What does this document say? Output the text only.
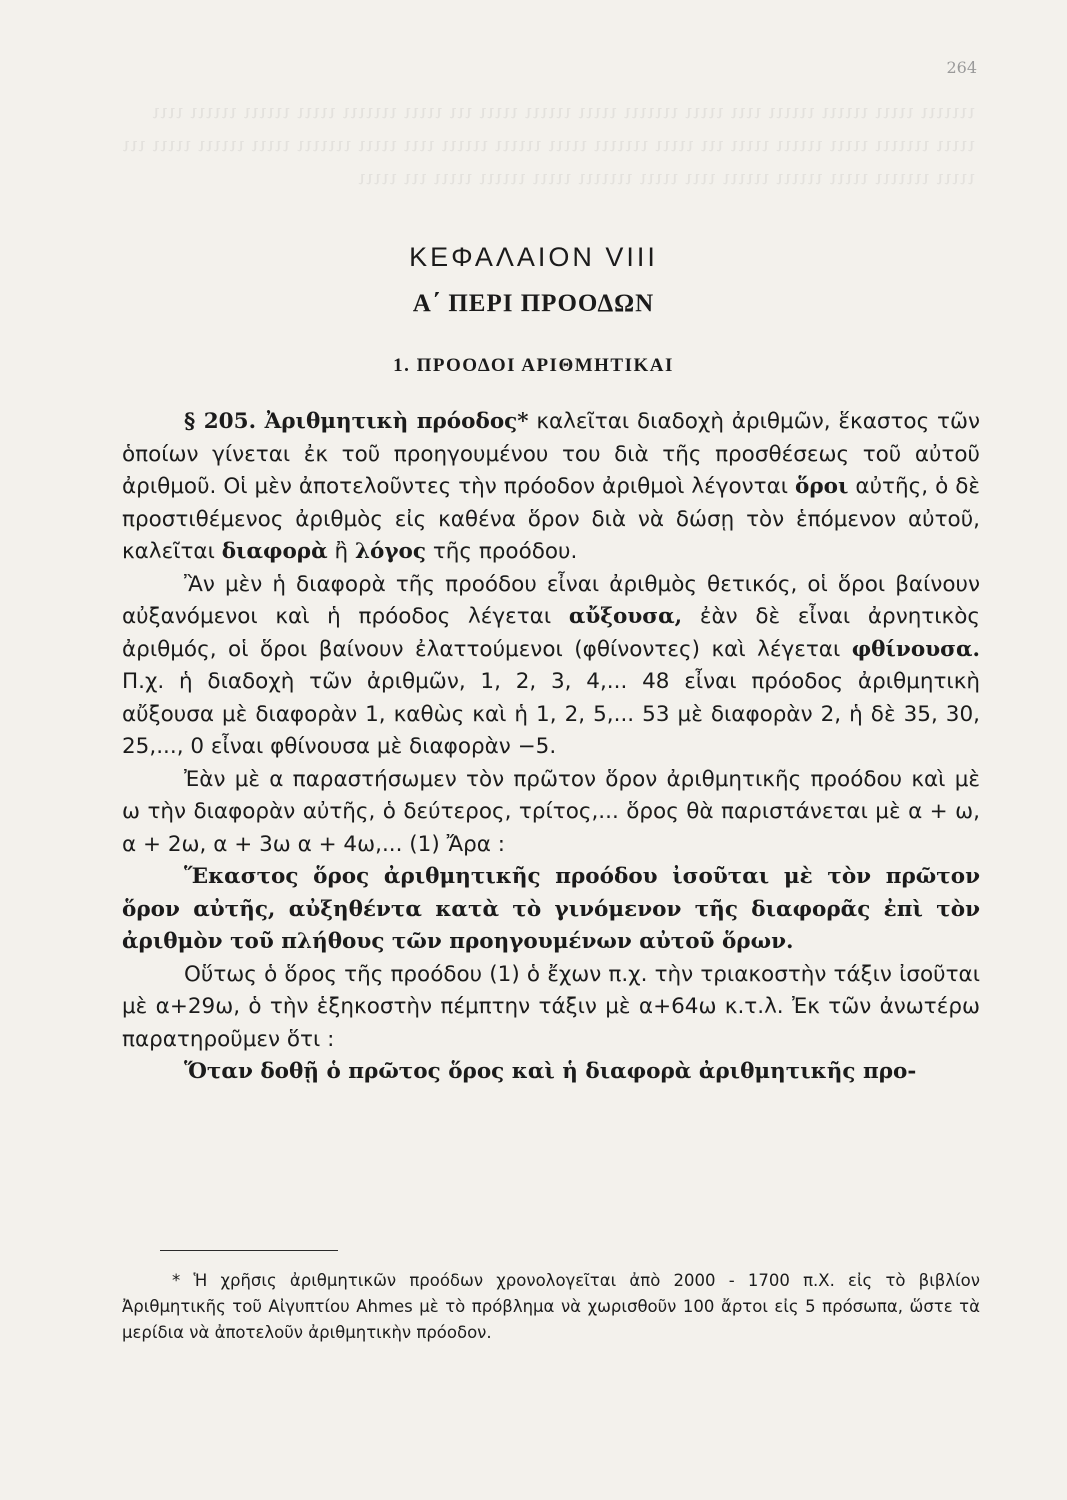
264
ιιιιιιι ιιιιι ιιιιιι ιιιιιι ιιιι ιιιιι ιιιιιιι ιιιιι ιιιιιι ιιιιι ιιι ιιιιι ιιιιιιι ιιιιι ιιιιιι ιιιιιι ιιιι ιιιιι ιιιιιιι ιιιιι ιιιιιι ιιιιι ιιι ιιιιι ιιιιιιι ιιιιι ιιιιιι ιιιιιι ιιιι ιιιιι ιιιιιιι ιιιιι ιιιιιι ιιιιι ιιι ιιιιι ιιιιιιι ιιιιι ιιιιιι ιιιιιι ιιιι ιιιιι ιιιιιιι ιιιιι ιιιιιι ιιιιι ιιι ιιιιι
ΚΕΦΑΛΑΙΟΝ VIII
Α΄ ΠΕΡΙ ΠΡΟΟΔΩΝ
1. ΠΡΟΟΔΟΙ ΑΡΙΘΜΗΤΙΚΑΙ

§ 205. Ἀριθμητικὴ πρόοδος* καλεῖται διαδοχὴ ἀριθμῶν, ἕκαστος τῶν ὁποίων γίνεται ἐκ τοῦ προηγουμένου του διὰ τῆς προσθέσεως τοῦ αὐτοῦ ἀριθμοῦ. Οἱ μὲν ἀποτελοῦντες τὴν πρόοδον ἀριθμοὶ λέγονται ὅροι αὐτῆς, ὁ δὲ προστιθέμενος ἀριθμὸς εἰς καθένα ὅρον διὰ νὰ δώσῃ τὸν ἑπόμενον αὐτοῦ, καλεῖται διαφορὰ ἢ λόγος τῆς προόδου.

Ἂν μὲν ἡ διαφορὰ τῆς προόδου εἶναι ἀριθμὸς θετικός, οἱ ὅροι βαίνουν αὐξανόμενοι καὶ ἡ πρόοδος λέγεται αὔξουσα, ἐὰν δὲ εἶναι ἀρνητικὸς ἀριθμός, οἱ ὅροι βαίνουν ἐλαττούμενοι (φθίνοντες) καὶ λέγεται φθίνουσα. Π.χ. ἡ διαδοχὴ τῶν ἀριθμῶν, 1, 2, 3, 4,... 48 εἶναι πρόοδος ἀριθμητικὴ αὔξουσα μὲ διαφορὰν 1, καθὼς καὶ ἡ 1, 2, 5,... 53 μὲ διαφορὰν 2, ἡ δὲ 35, 30, 25,..., 0 εἶναι φθίνουσα μὲ διαφορὰν −5.

Ἐὰν μὲ α παραστήσωμεν τὸν πρῶτον ὅρον ἀριθμητικῆς προόδου καὶ μὲ ω τὴν διαφορὰν αὐτῆς, ὁ δεύτερος, τρίτος,... ὅρος θὰ παριστάνεται μὲ α + ω, α + 2ω, α + 3ω α + 4ω,... (1) Ἄρα :

Ἕκαστος ὅρος ἀριθμητικῆς προόδου ἰσοῦται μὲ τὸν πρῶτον ὅρον αὐτῆς, αὐξηθέντα κατὰ τὸ γινόμενον τῆς διαφορᾶς ἐπὶ τὸν ἀριθμὸν τοῦ πλήθους τῶν προηγουμένων αὐτοῦ ὅρων.

Οὕτως ὁ ὅρος τῆς προόδου (1) ὁ ἔχων π.χ. τὴν τριακοστὴν τάξιν ἰσοῦται μὲ α+29ω, ὁ τὴν ἑξηκοστὴν πέμπτην τάξιν μὲ α+64ω κ.τ.λ. Ἐκ τῶν ἀνωτέρω παρατηροῦμεν ὅτι :

Ὅταν δοθῇ ὁ πρῶτος ὅρος καὶ ἡ διαφορὰ ἀριθμητικῆς προ-

* Ἡ χρῆσις ἀριθμητικῶν προόδων χρονολογεῖται ἀπὸ 2000 - 1700 π.Χ. εἰς τὸ βιβλίον Ἀριθμητικῆς τοῦ Αἰγυπτίου Ahmes μὲ τὸ πρόβλημα νὰ χωρισθοῦν 100 ἄρτοι εἰς 5 πρόσωπα, ὥστε τὰ μερίδια νὰ ἀποτελοῦν ἀριθμητικὴν πρόοδον.
